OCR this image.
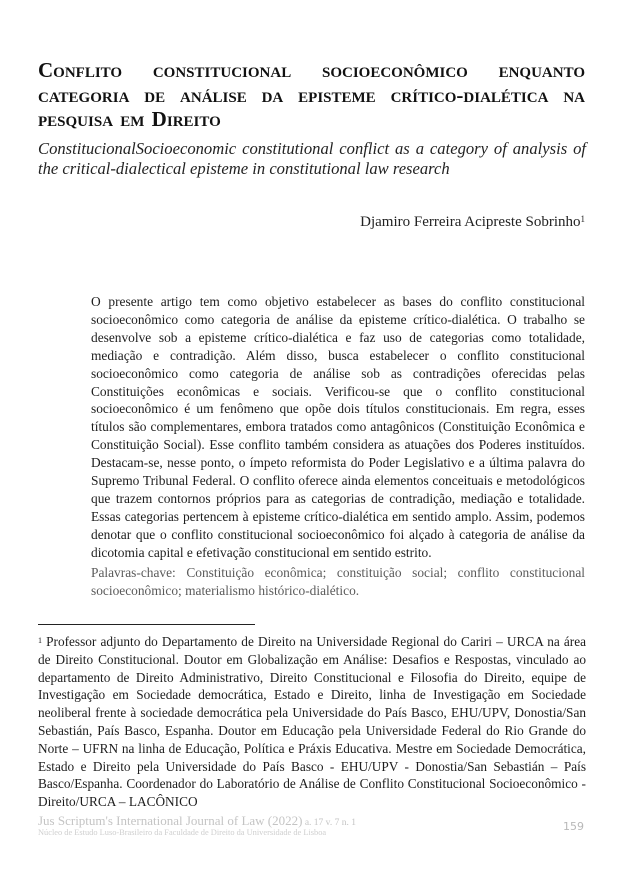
Conflito constitucional socioeconômico enquanto categoria de análise da episteme crítico-dialética na pesquisa em Direito

ConstitucionalSocioeconomic constitutional conflict as a category of analysis of the critical-dialectical episteme in constitutional law research

Djamiro Ferreira Acipreste Sobrinho$^1$

O presente artigo tem como objetivo estabelecer as bases do conflito constitucional socioeconômico como categoria de análise da episteme crítico-dialética. O trabalho se desenvolve sob a episteme crítico-dialética e faz uso de categorias como totalidade, mediação e contradição. Além disso, busca estabelecer o conflito constitucional socioeconômico como categoria de análise sob as contradições oferecidas pelas Constituições econômicas e sociais. Verificou-se que o conflito constitucional socioeconômico é um fenômeno que opõe dois títulos constitucionais. Em regra, esses títulos são complementares, embora tratados como antagônicos (Constituição Econômica e Constituição Social). Esse conflito também considera as atuações dos Poderes instituídos. Destacam-se, nesse ponto, o ímpeto reformista do Poder Legislativo e a última palavra do Supremo Tribunal Federal. O conflito oferece ainda elementos conceituais e metodológicos que trazem contornos próprios para as categorias de contradição, mediação e totalidade. Essas categorias pertencem à episteme crítico-dialética em sentido amplo. Assim, podemos denotar que o conflito constitucional socioeconômico foi alçado à categoria de análise da dicotomia capital e efetivação constitucional em sentido estrito.

Palavras-chave: Constituição econômica; constituição social; conflito constitucional socioeconômico; materialismo histórico-dialético.

$^1$ Professor adjunto do Departamento de Direito na Universidade Regional do Cariri – URCA na área de Direito Constitucional. Doutor em Globalização em Análise: Desafios e Respostas, vinculado ao departamento de Direito Administrativo, Direito Constitucional e Filosofia do Direito, equipe de Investigação em Sociedade democrática, Estado e Direito, linha de Investigação em Sociedade neoliberal frente à sociedade democrática pela Universidade do País Basco, EHU/UPV, Donostia/San Sebastián, País Basco, Espanha. Doutor em Educação pela Universidade Federal do Rio Grande do Norte – UFRN na linha de Educação, Política e Práxis Educativa. Mestre em Sociedade Democrática, Estado e Direito pela Universidade do País Basco - EHU/UPV - Donostia/San Sebastián – País Basco/Espanha. Coordenador do Laboratório de Análise de Conflito Constitucional Socioeconômico - Direito/URCA – LACÔNICO

Jus Scriptum's International Journal of Law (2022) a. 17 v. 7 n. 1
Núcleo de Estudo Luso-Brasileiro da Faculdade de Direito da Universidade de Lisboa	159
